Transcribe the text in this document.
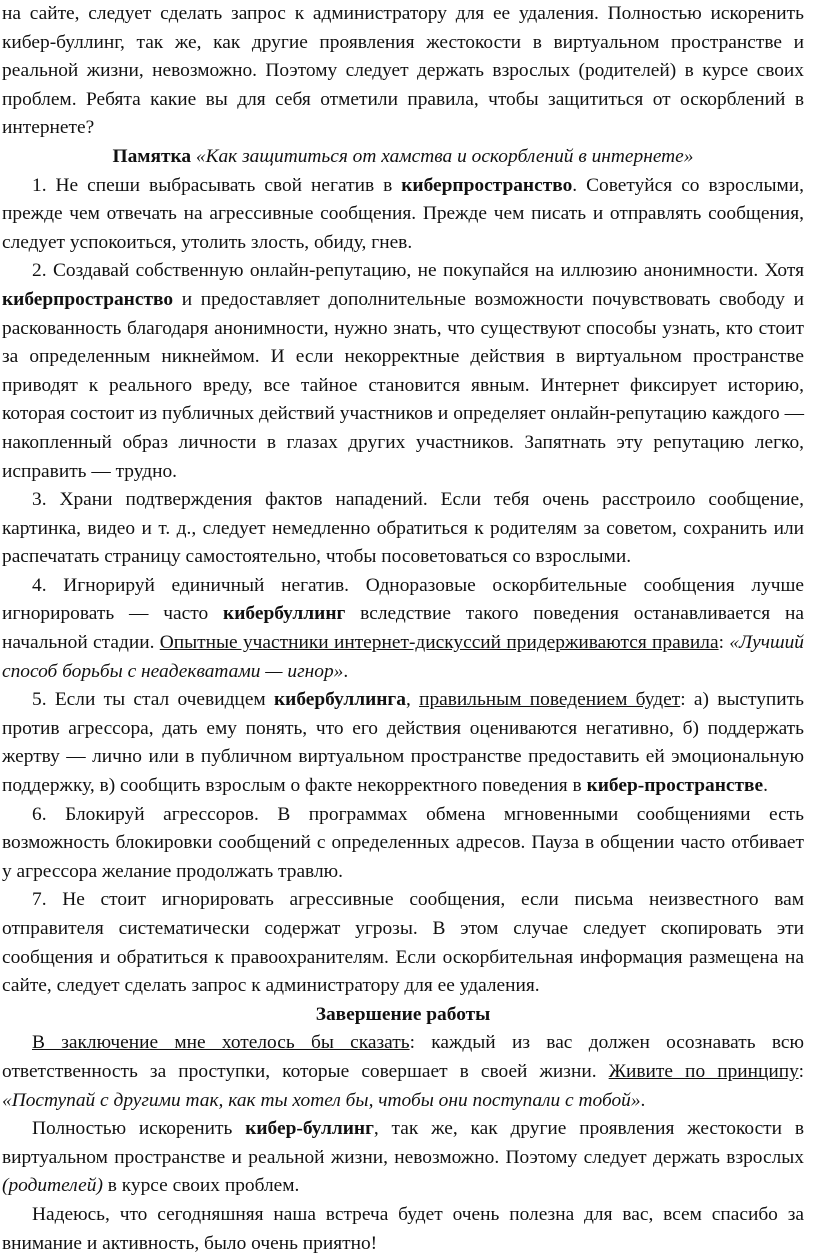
на сайте, следует сделать запрос к администратору для ее удаления. Полностью искоренить кибер-буллинг, так же, как другие проявления жестокости в виртуальном пространстве и реальной жизни, невозможно. Поэтому следует держать взрослых (родителей) в курсе своих проблем. Ребята какие вы для себя отметили правила, чтобы защититься от оскорблений в интернете?

Памятка «Как защититься от хамства и оскорблений в интернете»

1. Не спеши выбрасывать свой негатив в киберпространство. Советуйся со взрослыми, прежде чем отвечать на агрессивные сообщения. Прежде чем писать и отправлять сообщения, следует успокоиться, утолить злость, обиду, гнев.

2. Создавай собственную онлайн-репутацию, не покупайся на иллюзию анонимности. Хотя киберпространство и предоставляет дополнительные возможности почувствовать свободу и раскованность благодаря анонимности, нужно знать, что существуют способы узнать, кто стоит за определенным никнеймом. И если некорректные действия в виртуальном пространстве приводят к реального вреду, все тайное становится явным. Интернет фиксирует историю, которая состоит из публичных действий участников и определяет онлайн-репутацию каждого — накопленный образ личности в глазах других участников. Запятнать эту репутацию легко, исправить — трудно.

3. Храни подтверждения фактов нападений. Если тебя очень расстроило сообщение, картинка, видео и т. д., следует немедленно обратиться к родителям за советом, сохранить или распечатать страницу самостоятельно, чтобы посоветоваться со взрослыми.

4. Игнорируй единичный негатив. Одноразовые оскорбительные сообщения лучше игнорировать — часто кибербуллинг вследствие такого поведения останавливается на начальной стадии. Опытные участники интернет-дискуссий придерживаются правила: «Лучший способ борьбы с неадекватами — игнор».

5. Если ты стал очевидцем кибербуллинга, правильным поведением будет: а) выступить против агрессора, дать ему понять, что его действия оцениваются негативно, б) поддержать жертву — лично или в публичном виртуальном пространстве предоставить ей эмоциональную поддержку, в) сообщить взрослым о факте некорректного поведения в кибер-пространстве.

6. Блокируй агрессоров. В программах обмена мгновенными сообщениями есть возможность блокировки сообщений с определенных адресов. Пауза в общении часто отбивает у агрессора желание продолжать травлю.

7. Не стоит игнорировать агрессивные сообщения, если письма неизвестного вам отправителя систематически содержат угрозы. В этом случае следует скопировать эти сообщения и обратиться к правоохранителям. Если оскорбительная информация размещена на сайте, следует сделать запрос к администратору для ее удаления.

Завершение работы

В заключение мне хотелось бы сказать: каждый из вас должен осознавать всю ответственность за проступки, которые совершает в своей жизни. Живите по принципу: «Поступай с другими так, как ты хотел бы, чтобы они поступали с тобой».

Полностью искоренить кибер-буллинг, так же, как другие проявления жестокости в виртуальном пространстве и реальной жизни, невозможно. Поэтому следует держать взрослых (родителей) в курсе своих проблем.

Надеюсь, что сегодняшняя наша встреча будет очень полезна для вас, всем спасибо за внимание и активность, было очень приятно!
